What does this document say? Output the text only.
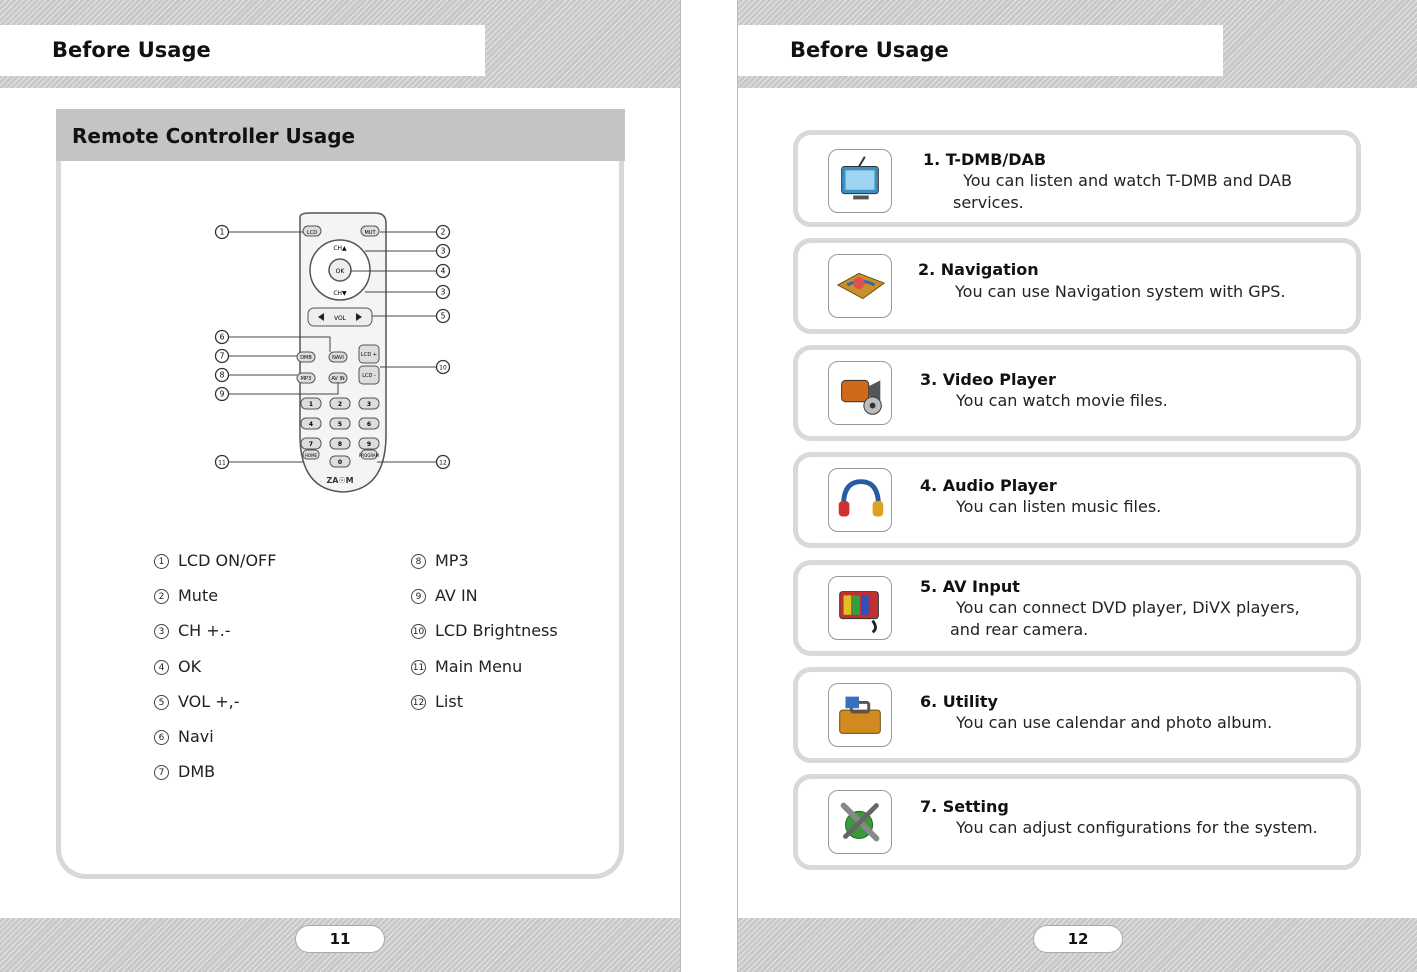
Before Usage
Remote Controller Usage
LCD	MUT
OK
CH▲
CH▼
VOL
DMB	NAVI
MP3	AV IN
LCD +
LCD -
1	2	3
4	5	6
7	8	9
0
HOME	PROGRAM
ZA☉M
1	2
3
4
3
5
6
7
8
9
10
11	12
1 LCD ON/OFF
2 Mute
3 CH +.-
4 OK
5 VOL +,-
6 Navi
7 DMB
8 MP3
9 AV IN
10 LCD Brightness
11 Main Menu
12 List
11
Before Usage
1. T-DMB/DAB
You can listen and watch T-DMB and DAB
services.
2. Navigation
You can use Navigation system with GPS.
3. Video Player
You can watch movie files.
4. Audio Player
You can listen music files.
5. AV Input
You can connect DVD player, DiVX players,
and rear camera.
6. Utility
You can use calendar and photo album.
7. Setting
You can adjust configurations for the system.
12
